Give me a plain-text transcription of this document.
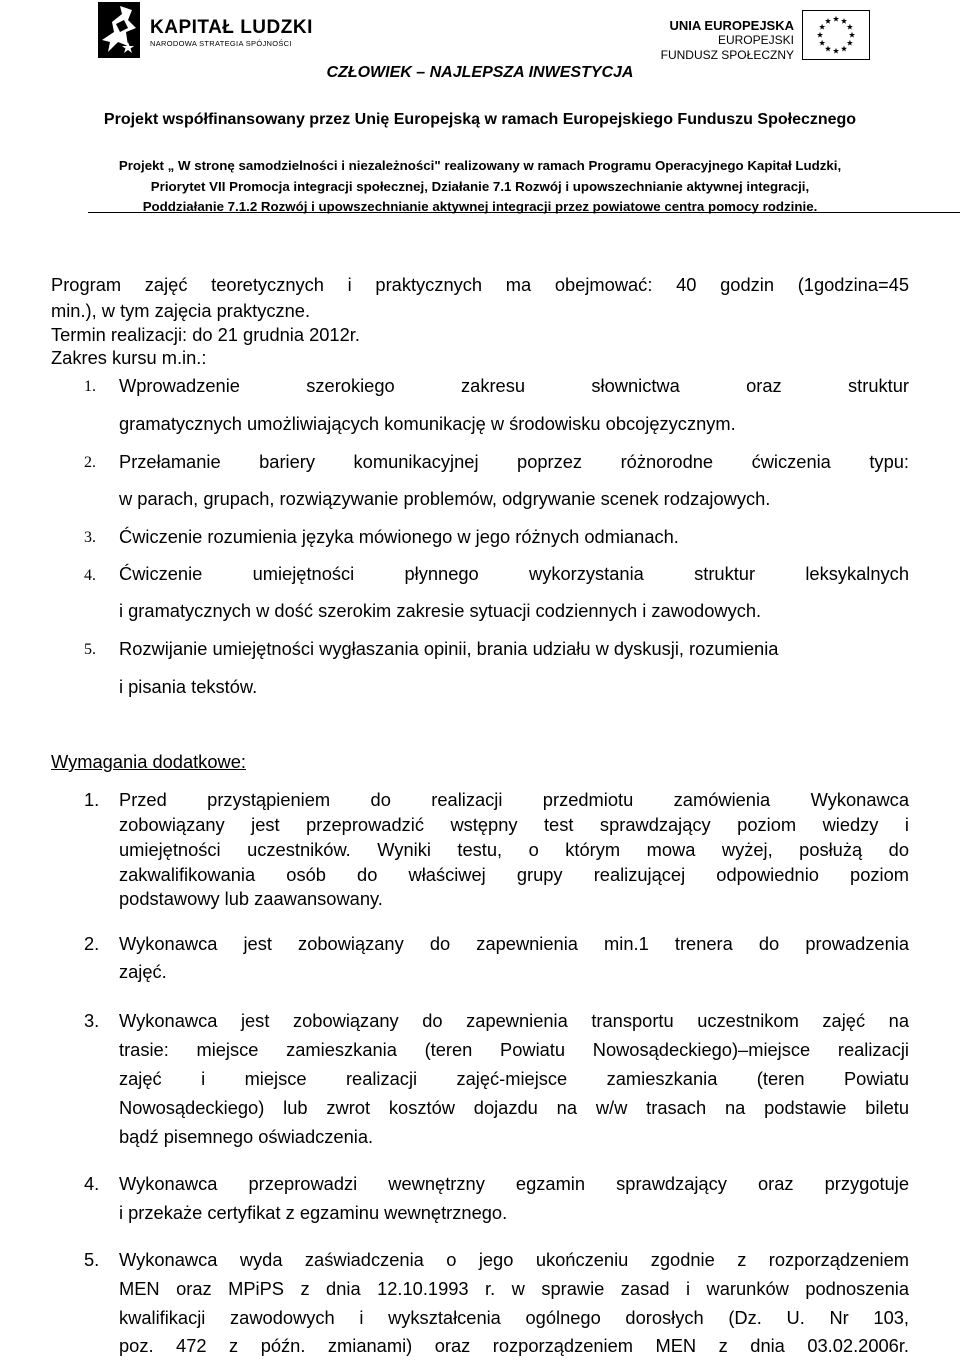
KAPITAŁ LUDZKI
NARODOWA STRATEGIA SPÓJNOŚCI
UNIA EUROPEJSKA
EUROPEJSKI
FUNDUSZ SPOŁECZNY
CZŁOWIEK – NAJLEPSZA INWESTYCJA
Projekt współfinansowany przez Unię Europejską w ramach Europejskiego Funduszu Społecznego
Projekt „ W stronę samodzielności i niezależności" realizowany w ramach Programu Operacyjnego Kapitał Ludzki,
Priorytet VII Promocja integracji społecznej, Działanie 7.1 Rozwój i upowszechnianie aktywnej integracji,
Poddziałanie 7.1.2 Rozwój i upowszechnianie aktywnej integracji przez powiatowe centra pomocy rodzinie.
Program zajęć teoretycznych i praktycznych ma obejmować: 40 godzin (1godzina=45
min.), w tym zajęcia praktyczne.
Termin realizacji: do 21 grudnia 2012r.
Zakres kursu m.in.:
1. Wprowadzenie szerokiego zakresu słownictwa oraz struktur
gramatycznych umożliwiających komunikację w środowisku obcojęzycznym.
2. Przełamanie bariery komunikacyjnej poprzez różnorodne ćwiczenia typu:
w parach, grupach, rozwiązywanie problemów, odgrywanie scenek rodzajowych.
3. Ćwiczenie rozumienia języka mówionego w jego różnych odmianach.
4. Ćwiczenie umiejętności płynnego wykorzystania struktur leksykalnych
i gramatycznych w dość szerokim zakresie sytuacji codziennych i zawodowych.
5. Rozwijanie umiejętności wygłaszania opinii, brania udziału w dyskusji, rozumienia
i pisania tekstów.
Wymagania dodatkowe:
1. Przed przystąpieniem do realizacji przedmiotu zamówienia Wykonawca
zobowiązany jest przeprowadzić wstępny test sprawdzający poziom wiedzy i
umiejętności uczestników. Wyniki testu, o którym mowa wyżej, posłużą do
zakwalifikowania osób do właściwej grupy realizującej odpowiednio poziom
podstawowy lub zaawansowany.
2. Wykonawca jest zobowiązany do zapewnienia min.1 trenera do prowadzenia
zajęć.
3. Wykonawca jest zobowiązany do zapewnienia transportu uczestnikom zajęć na
trasie: miejsce zamieszkania (teren Powiatu Nowosądeckiego)–miejsce realizacji
zajęć i miejsce realizacji zajęć-miejsce zamieszkania (teren Powiatu
Nowosądeckiego) lub zwrot kosztów dojazdu na w/w trasach na podstawie biletu
bądź pisemnego oświadczenia.
4. Wykonawca przeprowadzi wewnętrzny egzamin sprawdzający oraz przygotuje
i przekaże certyfikat z egzaminu wewnętrznego.
5. Wykonawca wyda zaświadczenia o jego ukończeniu zgodnie z rozporządzeniem
MEN oraz MPiPS z dnia 12.10.1993 r. w sprawie zasad i warunków podnoszenia
kwalifikacji zawodowych i wykształcenia ogólnego dorosłych (Dz. U. Nr 103,
poz. 472 z późn. zmianami) oraz rozporządzeniem MEN z dnia 03.02.2006r.
